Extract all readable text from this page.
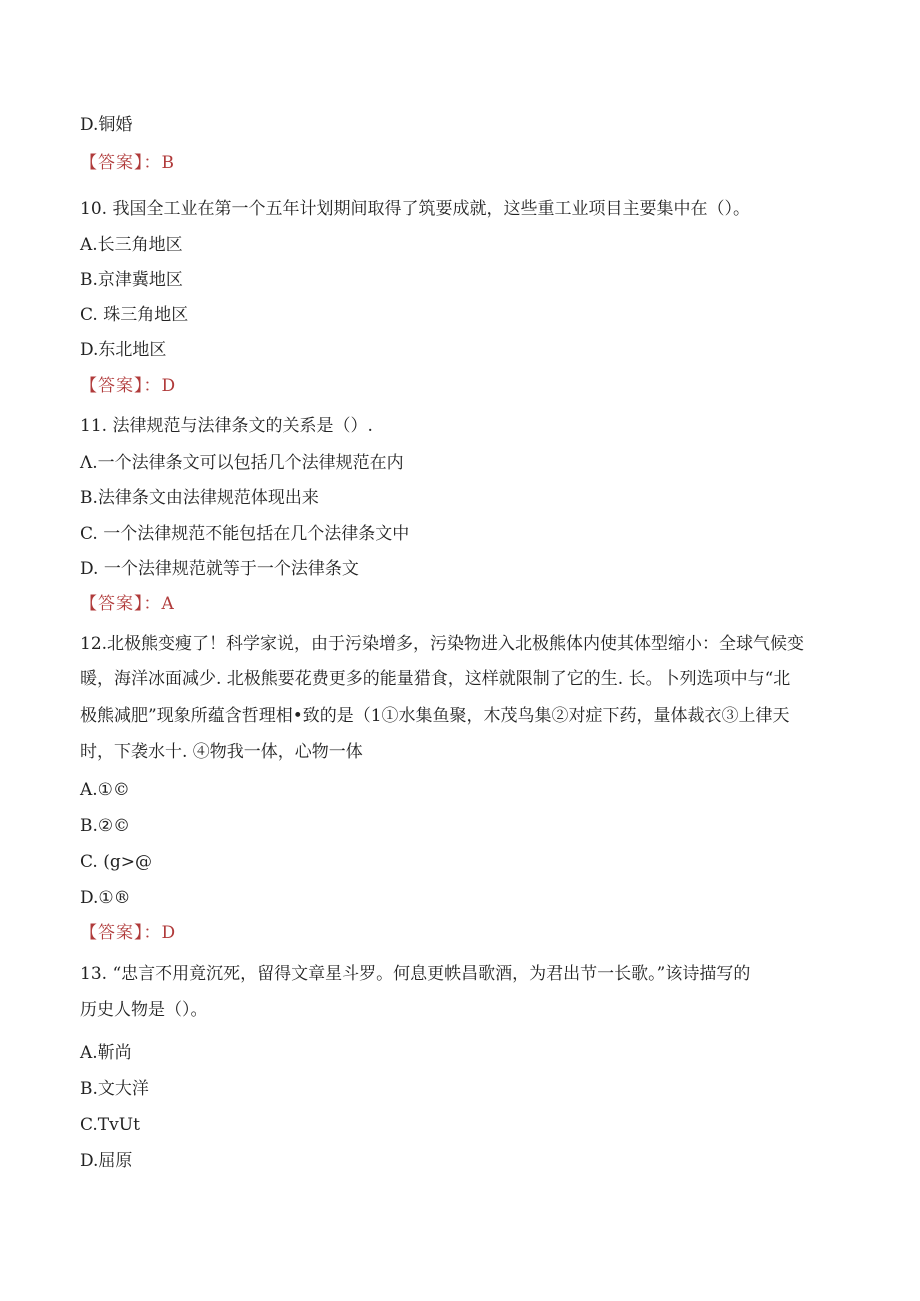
D.铜婚
【答案】：B
10. 我国全工业在第一个五年计划期间取得了筑要成就，这些重工业项目主要集中在（）。
A.长三角地区
B.京津冀地区
C. 珠三角地区
D.东北地区
【答案】：D
11. 法律规范与法律条文的关系是（）.
Λ.一个法律条文可以包括几个法律规范在内
B.法律条文由法律规范体现出来
C. 一个法律规范不能包括在几个法律条文中
D. 一个法律规范就等于一个法律条文
【答案】：A
12.北极熊变瘦了！科学家说，由于污染增多，污染物进入北极熊体内使其体型缩小：全球气候变
暖，海洋冰面减少. 北极熊要花费更多的能量猎食，这样就限制了它的生. 长。卜列选项中与“北
极熊减肥”现象所蕴含哲理相•致的是（1①水集鱼聚，木茂鸟集②对症下药，量体裁衣③上律天
时，下袭水十. ④物我一体，心物一体
A.①©
B.②©
C. (g>@
D.①®
【答案】：D
13. “忠言不用竟沉死，留得文章星斗罗。何息更帙昌歌酒，为君出节一长歌。”该诗描写的
历史人物是（）。
A.靳尚
B.文大洋
C.TvUt
D.屈原
